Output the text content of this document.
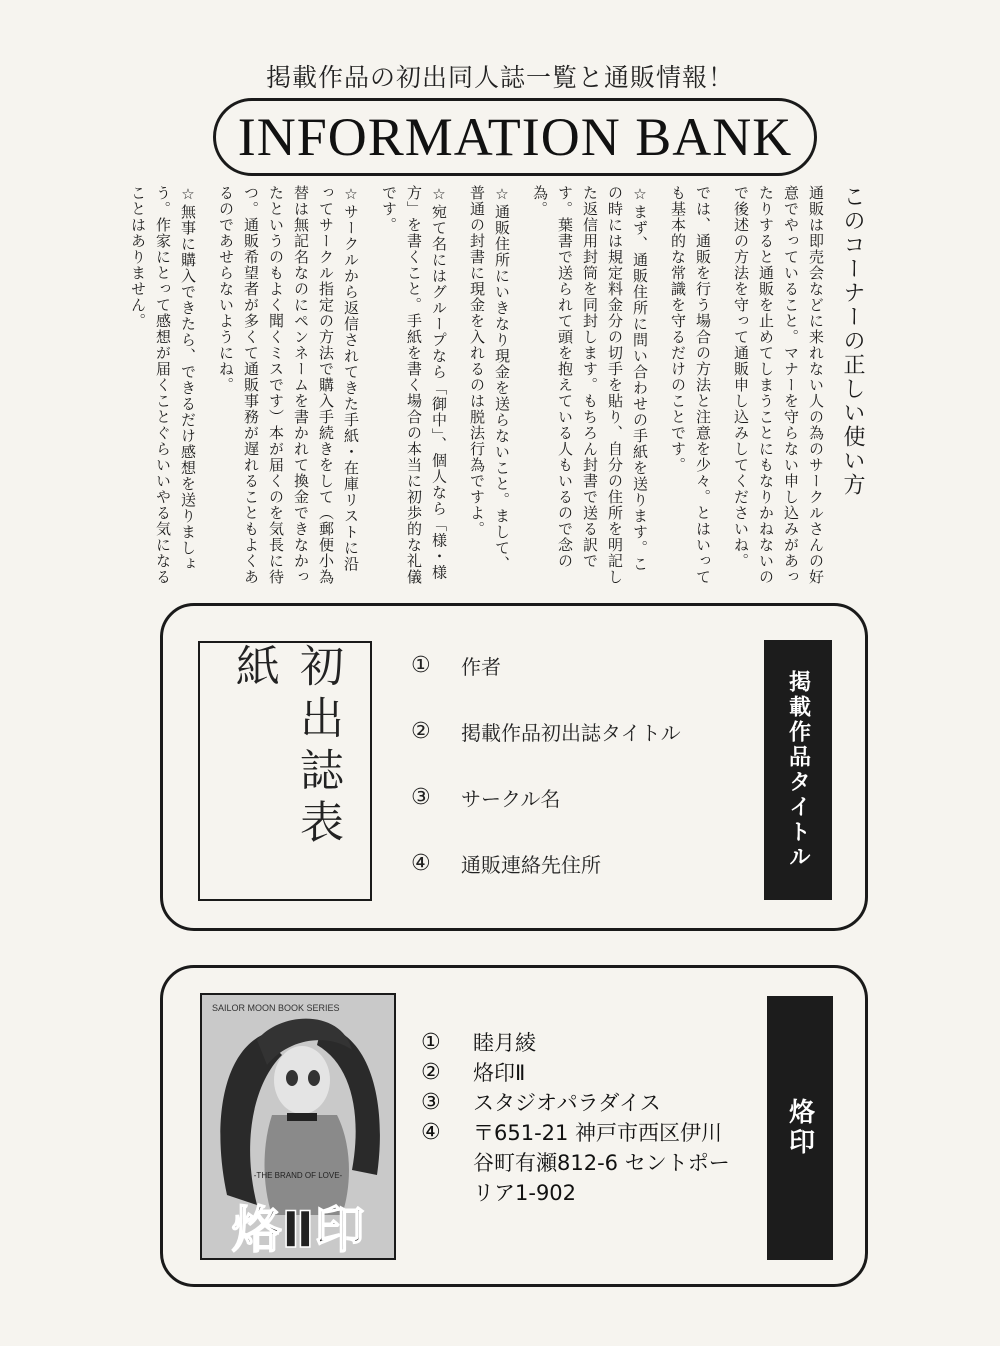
掲載作品の初出同人誌一覧と通販情報！
INFORMATION BANK
このコーナーの正しい使い方

通販は即売会などに来れない人の為のサークルさんの好意でやっていること。マナーを守らない申し込みがあったりすると通販を止めてしまうことにもなりかねないので後述の方法を守って通販申し込みしてくださいね。

では、通販を行う場合の方法と注意を少々。とはいっても基本的な常識を守るだけのことです。

☆まず、通販住所に問い合わせの手紙を送ります。この時には規定料金分の切手を貼り、自分の住所を明記した返信用封筒を同封します。もちろん封書で送る訳です。葉書で送られて頭を抱えている人もいるので念の為。

☆通販住所にいきなり現金を送らないこと。まして、普通の封書に現金を入れるのは脱法行為ですよ。

☆宛て名にはグループなら「御中」、個人なら「様・様方」を書くこと。手紙を書く場合の本当に初歩的な礼儀です。

☆サークルから返信されてきた手紙・在庫リストに沿ってサークル指定の方法で購入手続きをして（郵便小為替は無記名なのにペンネームを書かれて換金できなかったというのもよく聞くミスです）本が届くのを気長に待つ。通販希望者が多くて通販事務が遅れることもよくあるのであせらないようにね。

☆無事に購入できたら、できるだけ感想を送りましょう。作家にとって感想が届くことぐらいいやる気になることはありません。

初出誌表紙	①	作者
②	掲載作品初出誌タイトル
③	サークル名
④	通販連絡先住所	掲載作品タイトル
SAILOR MOON BOOK SERIES
-THE BRAND OF LOVE-
烙Ⅱ印
①	睦月綾
②	烙印Ⅱ
③	スタジオパラダイス
④	〒651-21 神戸市西区伊川谷町有瀬812-6 セントポーリア1-902
烙印
